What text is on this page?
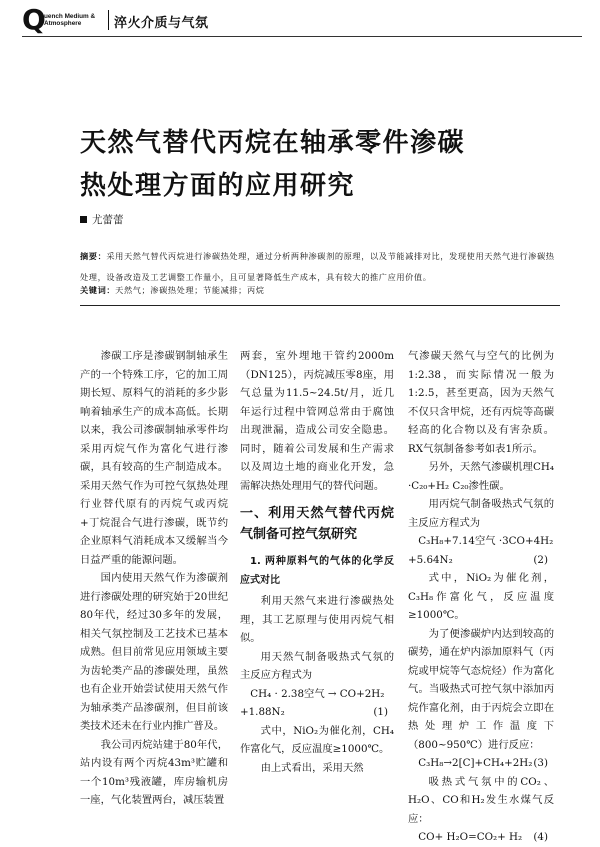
Q
uench Medium & Atmosphere	淬火介质与气氛
天然气替代丙烷在轴承零件渗碳
热处理方面的应用研究
尤蕾蕾
摘要：采用天然气替代丙烷进行渗碳热处理，通过分析两种渗碳剂的原理，以及节能减排对比，发现使用天然气进行渗碳热处理，设备改造及工艺调整工作量小，且可显著降低生产成本，具有较大的推广应用价值。
关键词：天然气；渗碳热处理；节能减排；丙烷

渗碳工序是渗碳钢制轴承生产的一个特殊工序，它的加工周期长短、原料气的消耗的多少影响着轴承生产的成本高低。长期以来，我公司渗碳制轴承零件均采用丙烷气作为富化气进行渗碳，具有较高的生产制造成本。采用天然气作为可控气氛热处理行业替代原有的丙烷气或丙烷+丁烷混合气进行渗碳，既节约企业原料气消耗成本又缓解当今日益严重的能源问题。

国内使用天然气作为渗碳剂进行渗碳处理的研究始于20世纪80年代，经过30多年的发展，相关气氛控制及工艺技术已基本成熟。但目前常见应用领域主要为齿轮类产品的渗碳处理，虽然也有企业开始尝试使用天然气作为轴承类产品渗碳剂，但目前该类技术还未在行业内推广普及。

我公司丙烷站建于80年代，站内设有两个丙烷43m³贮罐和一个10m³残液罐，库房输机房一座，气化装置两台，减压装置

两套，室外埋地干管约2000m（DN125），丙烷减压零8座，用气总量为11.5~24.5t/月，近几年运行过程中管网总常由于腐蚀出现泄漏，造成公司安全隐患。同时，随着公司发展和生产需求以及周边土地的商业化开发，急需解决热处理用气的替代问题。

一、利用天然气替代丙烷气制备可控气氛研究
1. 两种原料气的气体的化学反应式对比

利用天然气来进行渗碳热处理，其工艺原理与使用丙烷气相似。

用天然气制备吸热式气氛的主反应方程式为

CH₄ · 2.38空气 → CO+2H₂

+1.88N₂	(1)

式中，NiO₂为催化剂，CH₄作富化气，反应温度≥1000℃。

由上式看出，采用天然

气渗碳天然气与空气的比例为1:2.38，而实际情况一般为1:2.5，甚至更高，因为天然气不仅只含甲烷，还有丙烷等高碳轻高的化合物以及有害杂质。RX气氛制备参考如表1所示。

另外，天然气渗碳机理CH₄ ·C₂₀+H₂ C₂₀渗性碳。

用丙烷气制备吸热式气氛的主反应方程式为

C₃H₈+7.14空气 ·3CO+4H₂

+5.64N₂	(2)

式中，NiO₂为催化剂，C₃H₈作富化气，反应温度≥1000℃。

为了便渗碳炉内达到较高的碳势，通在炉内添加原料气（丙烷或甲烷等气态烷烃）作为富化气。当吸热式可控气氛中添加丙烷作富化剂，由于丙烷会立即在热处理炉工作温度下（800~950℃）进行反应：

C₃H₈→2[C]+CH₄+2H₂ (3)

吸热式气氛中的CO₂、H₂O、CO和H₂发生水煤气反应：

CO+ H₂O=CO₂+ H₂ (4)
